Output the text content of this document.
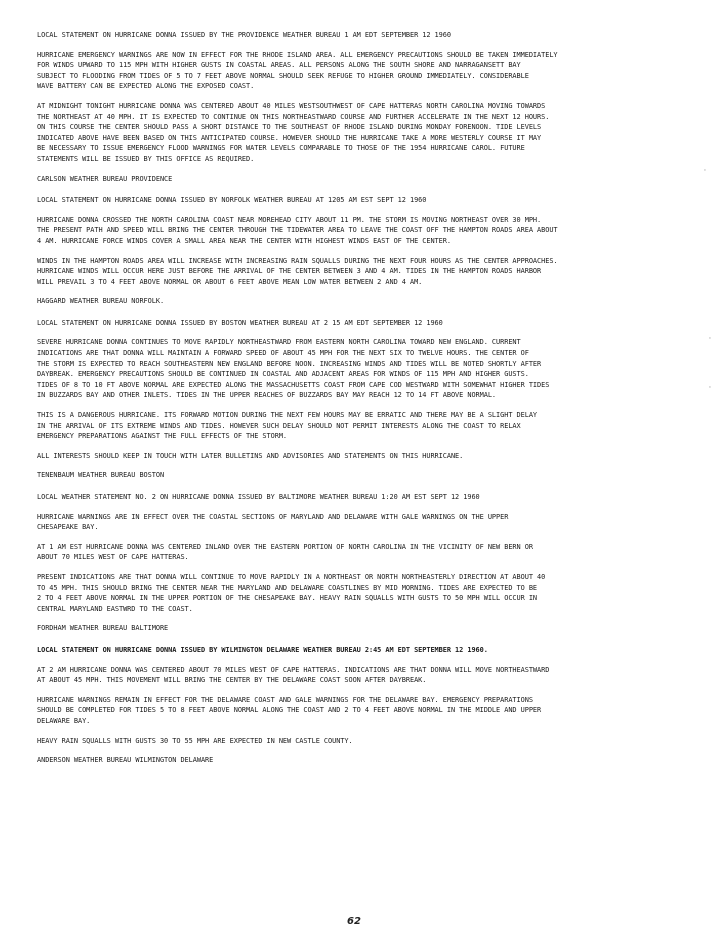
LOCAL STATEMENT ON HURRICANE DONNA ISSUED BY THE PROVIDENCE WEATHER BUREAU 1 AM EDT SEPTEMBER 12 1960
HURRICANE EMERGENCY WARNINGS ARE NOW IN EFFECT FOR THE RHODE ISLAND AREA. ALL EMERGENCY PRECAUTIONS SHOULD BE TAKEN IMMEDIATELY
FOR WINDS UPWARD TO 115 MPH WITH HIGHER GUSTS IN COASTAL AREAS. ALL PERSONS ALONG THE SOUTH SHORE AND NARRAGANSETT BAY
SUBJECT TO FLOODING FROM TIDES OF 5 TO 7 FEET ABOVE NORMAL SHOULD SEEK REFUGE TO HIGHER GROUND IMMEDIATELY. CONSIDERABLE
WAVE BATTERY CAN BE EXPECTED ALONG THE EXPOSED COAST.
AT MIDNIGHT TONIGHT HURRICANE DONNA WAS CENTERED ABOUT 40 MILES WESTSOUTHWEST OF CAPE HATTERAS NORTH CAROLINA MOVING TOWARDS
THE NORTHEAST AT 40 MPH. IT IS EXPECTED TO CONTINUE ON THIS NORTHEASTWARD COURSE AND FURTHER ACCELERATE IN THE NEXT 12 HOURS.
ON THIS COURSE THE CENTER SHOULD PASS A SHORT DISTANCE TO THE SOUTHEAST OF RHODE ISLAND DURING MONDAY FORENOON. TIDE LEVELS
INDICATED ABOVE HAVE BEEN BASED ON THIS ANTICIPATED COURSE. HOWEVER SHOULD THE HURRICANE TAKE A MORE WESTERLY COURSE IT MAY
BE NECESSARY TO ISSUE EMERGENCY FLOOD WARNINGS FOR WATER LEVELS COMPARABLE TO THOSE OF THE 1954 HURRICANE CAROL. FUTURE
STATEMENTS WILL BE ISSUED BY THIS OFFICE AS REQUIRED.
CARLSON WEATHER BUREAU PROVIDENCE
LOCAL STATEMENT ON HURRICANE DONNA ISSUED BY NORFOLK WEATHER BUREAU AT 1205 AM EST SEPT 12 1960
HURRICANE DONNA CROSSED THE NORTH CAROLINA COAST NEAR MOREHEAD CITY ABOUT 11 PM. THE STORM IS MOVING NORTHEAST OVER 30 MPH.
THE PRESENT PATH AND SPEED WILL BRING THE CENTER THROUGH THE TIDEWATER AREA TO LEAVE THE COAST OFF THE HAMPTON ROADS AREA ABOUT
4 AM. HURRICANE FORCE WINDS COVER A SMALL AREA NEAR THE CENTER WITH HIGHEST WINDS EAST OF THE CENTER.
WINDS IN THE HAMPTON ROADS AREA WILL INCREASE WITH INCREASING RAIN SQUALLS DURING THE NEXT FOUR HOURS AS THE CENTER APPROACHES.
HURRICANE WINDS WILL OCCUR HERE JUST BEFORE THE ARRIVAL OF THE CENTER BETWEEN 3 AND 4 AM. TIDES IN THE HAMPTON ROADS HARBOR
WILL PREVAIL 3 TO 4 FEET ABOVE NORMAL OR ABOUT 6 FEET ABOVE MEAN LOW WATER BETWEEN 2 AND 4 AM.
HAGGARD WEATHER BUREAU NORFOLK.
LOCAL STATEMENT ON HURRICANE DONNA ISSUED BY BOSTON WEATHER BUREAU AT 2 15 AM EDT SEPTEMBER 12 1960
SEVERE HURRICANE DONNA CONTINUES TO MOVE RAPIDLY NORTHEASTWARD FROM EASTERN NORTH CAROLINA TOWARD NEW ENGLAND. CURRENT
INDICATIONS ARE THAT DONNA WILL MAINTAIN A FORWARD SPEED OF ABOUT 45 MPH FOR THE NEXT SIX TO TWELVE HOURS. THE CENTER OF
THE STORM IS EXPECTED TO REACH SOUTHEASTERN NEW ENGLAND BEFORE NOON. INCREASING WINDS AND TIDES WILL BE NOTED SHORTLY AFTER
DAYBREAK. EMERGENCY PRECAUTIONS SHOULD BE CONTINUED IN COASTAL AND ADJACENT AREAS FOR WINDS OF 115 MPH AND HIGHER GUSTS.
TIDES OF 8 TO 10 FT ABOVE NORMAL ARE EXPECTED ALONG THE MASSACHUSETTS COAST FROM CAPE COD WESTWARD WITH SOMEWHAT HIGHER TIDES
IN BUZZARDS BAY AND OTHER INLETS. TIDES IN THE UPPER REACHES OF BUZZARDS BAY MAY REACH 12 TO 14 FT ABOVE NORMAL.
THIS IS A DANGEROUS HURRICANE. ITS FORWARD MOTION DURING THE NEXT FEW HOURS MAY BE ERRATIC AND THERE MAY BE A SLIGHT DELAY
IN THE ARRIVAL OF ITS EXTREME WINDS AND TIDES. HOWEVER SUCH DELAY SHOULD NOT PERMIT INTERESTS ALONG THE COAST TO RELAX
EMERGENCY PREPARATIONS AGAINST THE FULL EFFECTS OF THE STORM.
ALL INTERESTS SHOULD KEEP IN TOUCH WITH LATER BULLETINS AND ADVISORIES AND STATEMENTS ON THIS HURRICANE.
TENENBAUM WEATHER BUREAU BOSTON
LOCAL WEATHER STATEMENT NO. 2 ON HURRICANE DONNA ISSUED BY BALTIMORE WEATHER BUREAU 1:20 AM EST SEPT 12 1960
HURRICANE WARNINGS ARE IN EFFECT OVER THE COASTAL SECTIONS OF MARYLAND AND DELAWARE WITH GALE WARNINGS ON THE UPPER
CHESAPEAKE BAY.
AT 1 AM EST HURRICANE DONNA WAS CENTERED INLAND OVER THE EASTERN PORTION OF NORTH CAROLINA IN THE VICINITY OF NEW BERN OR
ABOUT 70 MILES WEST OF CAPE HATTERAS.
PRESENT INDICATIONS ARE THAT DONNA WILL CONTINUE TO MOVE RAPIDLY IN A NORTHEAST OR NORTH NORTHEASTERLY DIRECTION AT ABOUT 40
TO 45 MPH. THIS SHOULD BRING THE CENTER NEAR THE MARYLAND AND DELAWARE COASTLINES BY MID MORNING. TIDES ARE EXPECTED TO BE
2 TO 4 FEET ABOVE NORMAL IN THE UPPER PORTION OF THE CHESAPEAKE BAY. HEAVY RAIN SQUALLS WITH GUSTS TO 50 MPH WILL OCCUR IN
CENTRAL MARYLAND EASTWRD TO THE COAST.
FORDHAM WEATHER BUREAU BALTIMORE
LOCAL STATEMENT ON HURRICANE DONNA ISSUED BY WILMINGTON DELAWARE WEATHER BUREAU 2:45 AM EDT SEPTEMBER 12 1960.
AT 2 AM HURRICANE DONNA WAS CENTERED ABOUT 70 MILES WEST OF CAPE HATTERAS. INDICATIONS ARE THAT DONNA WILL MOVE NORTHEASTWARD
AT ABOUT 45 MPH. THIS MOVEMENT WILL BRING THE CENTER BY THE DELAWARE COAST SOON AFTER DAYBREAK.
HURRICANE WARNINGS REMAIN IN EFFECT FOR THE DELAWARE COAST AND GALE WARNINGS FOR THE DELAWARE BAY. EMERGENCY PREPARATIONS
SHOULD BE COMPLETED FOR TIDES 5 TO 8 FEET ABOVE NORMAL ALONG THE COAST AND 2 TO 4 FEET ABOVE NORMAL IN THE MIDDLE AND UPPER
DELAWARE BAY.
HEAVY RAIN SQUALLS WITH GUSTS 30 TO 55 MPH ARE EXPECTED IN NEW CASTLE COUNTY.
ANDERSON WEATHER BUREAU WILMINGTON DELAWARE
'
'
'
62
